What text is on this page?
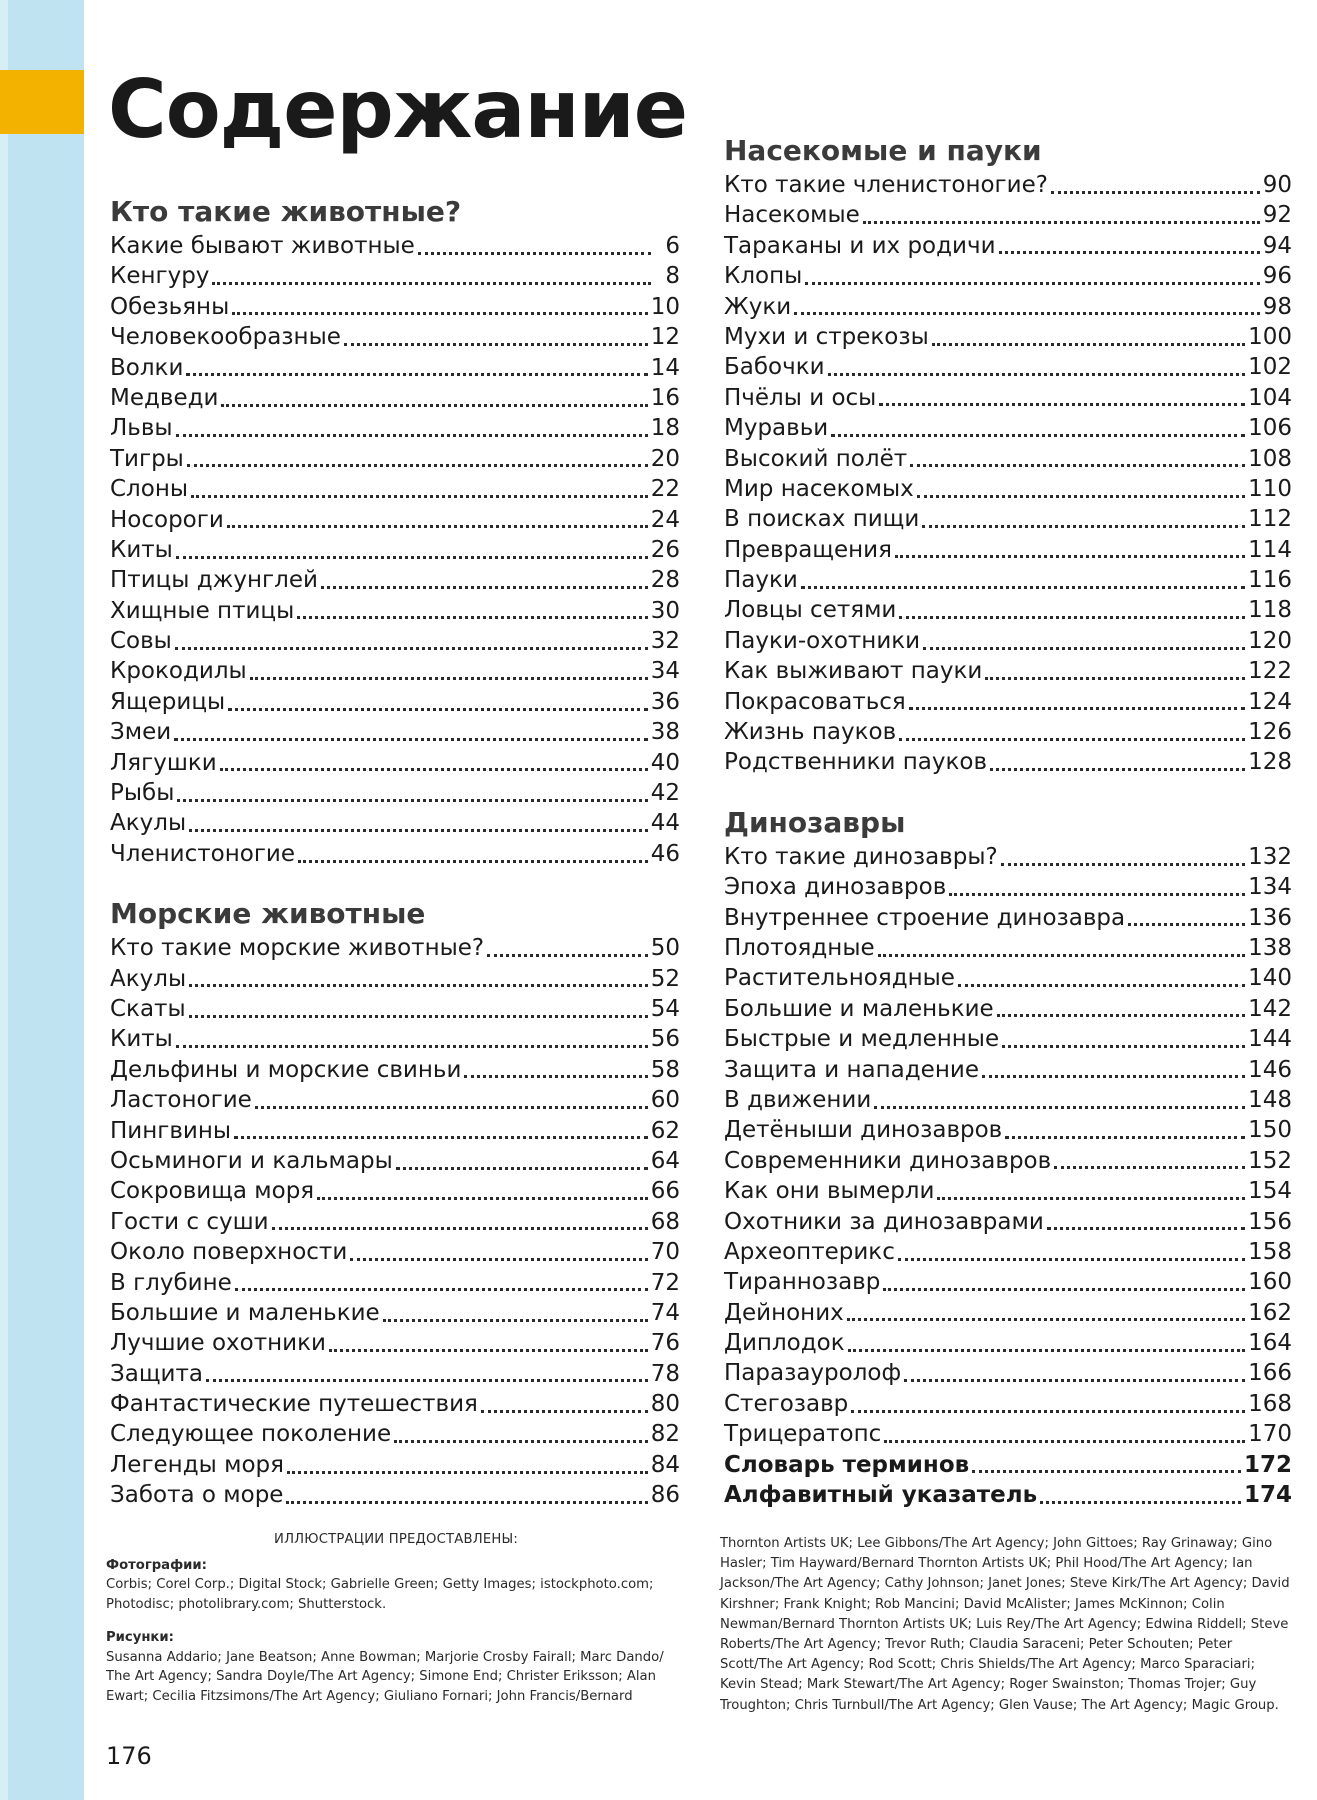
Содержание
Кто такие животные?
Какие бывают животные	6
Кенгуру	8
Обезьяны	10
Человекообразные	12
Волки	14
Медведи	16
Львы	18
Тигры	20
Слоны	22
Носороги	24
Киты	26
Птицы джунглей	28
Хищные птицы	30
Совы	32
Крокодилы	34
Ящерицы	36
Змеи	38
Лягушки	40
Рыбы	42
Акулы	44
Членистоногие	46
Морские животные
Кто такие морские животные?	50
Акулы	52
Скаты	54
Киты	56
Дельфины и морские свиньи	58
Ластоногие	60
Пингвины	62
Осьминоги и кальмары	64
Сокровища моря	66
Гости с суши	68
Около поверхности	70
В глубине	72
Большие и маленькие	74
Лучшие охотники	76
Защита	78
Фантастические путешествия	80
Следующее поколение	82
Легенды моря	84
Забота о море	86
Насекомые и пауки
Кто такие членистоногие?	90
Насекомые	92
Тараканы и их родичи	94
Клопы	96
Жуки	98
Мухи и стрекозы	100
Бабочки	102
Пчёлы и осы	104
Муравьи	106
Высокий полёт	108
Мир насекомых	110
В поисках пищи	112
Превращения	114
Пауки	116
Ловцы сетями	118
Пауки-охотники	120
Как выживают пауки	122
Покрасоваться	124
Жизнь пауков	126
Родственники пауков	128
Динозавры
Кто такие динозавры?	132
Эпоха динозавров	134
Внутреннее строение динозавра	136
Плотоядные	138
Растительноядные	140
Большие и маленькие	142
Быстрые и медленные	144
Защита и нападение	146
В движении	148
Детёныши динозавров	150
Современники динозавров	152
Как они вымерли	154
Охотники за динозаврами	156
Археоптерикс	158
Тираннозавр	160
Дейноних	162
Диплодок	164
Паразауролоф	166
Стегозавр	168
Трицератопс	170
Словарь терминов	172
Алфавитный указатель	174
ИЛЛЮСТРАЦИИ ПРЕДОСТАВЛЕНЫ:
Фотографии:
Corbis; Corel Corp.; Digital Stock; Gabrielle Green; Getty Images; istockphoto.com; Photodisc; photolibrary.com; Shutterstock.
Рисунки:
Susanna Addario; Jane Beatson; Anne Bowman; Marjorie Crosby Fairall; Marc Dando/ The Art Agency; Sandra Doyle/The Art Agency; Simone End; Christer Eriksson; Alan Ewart; Cecilia Fitzsimons/The Art Agency; Giuliano Fornari; John Francis/Bernard
Thornton Artists UK; Lee Gibbons/The Art Agency; John Gittoes; Ray Grinaway; Gino Hasler; Tim Hayward/Bernard Thornton Artists UK; Phil Hood/The Art Agency; Ian Jackson/The Art Agency; Cathy Johnson; Janet Jones; Steve Kirk/The Art Agency; David Kirshner; Frank Knight; Rob Mancini; David McAlister; James McKinnon; Colin Newman/Bernard Thornton Artists UK; Luis Rey/The Art Agency; Edwina Riddell; Steve Roberts/The Art Agency; Trevor Ruth; Claudia Saraceni; Peter Schouten; Peter Scott/The Art Agency; Rod Scott; Chris Shields/The Art Agency; Marco Sparaciari; Kevin Stead; Mark Stewart/The Art Agency; Roger Swainston; Thomas Trojer; Guy Troughton; Chris Turnbull/The Art Agency; Glen Vause; The Art Agency; Magic Group.
176
